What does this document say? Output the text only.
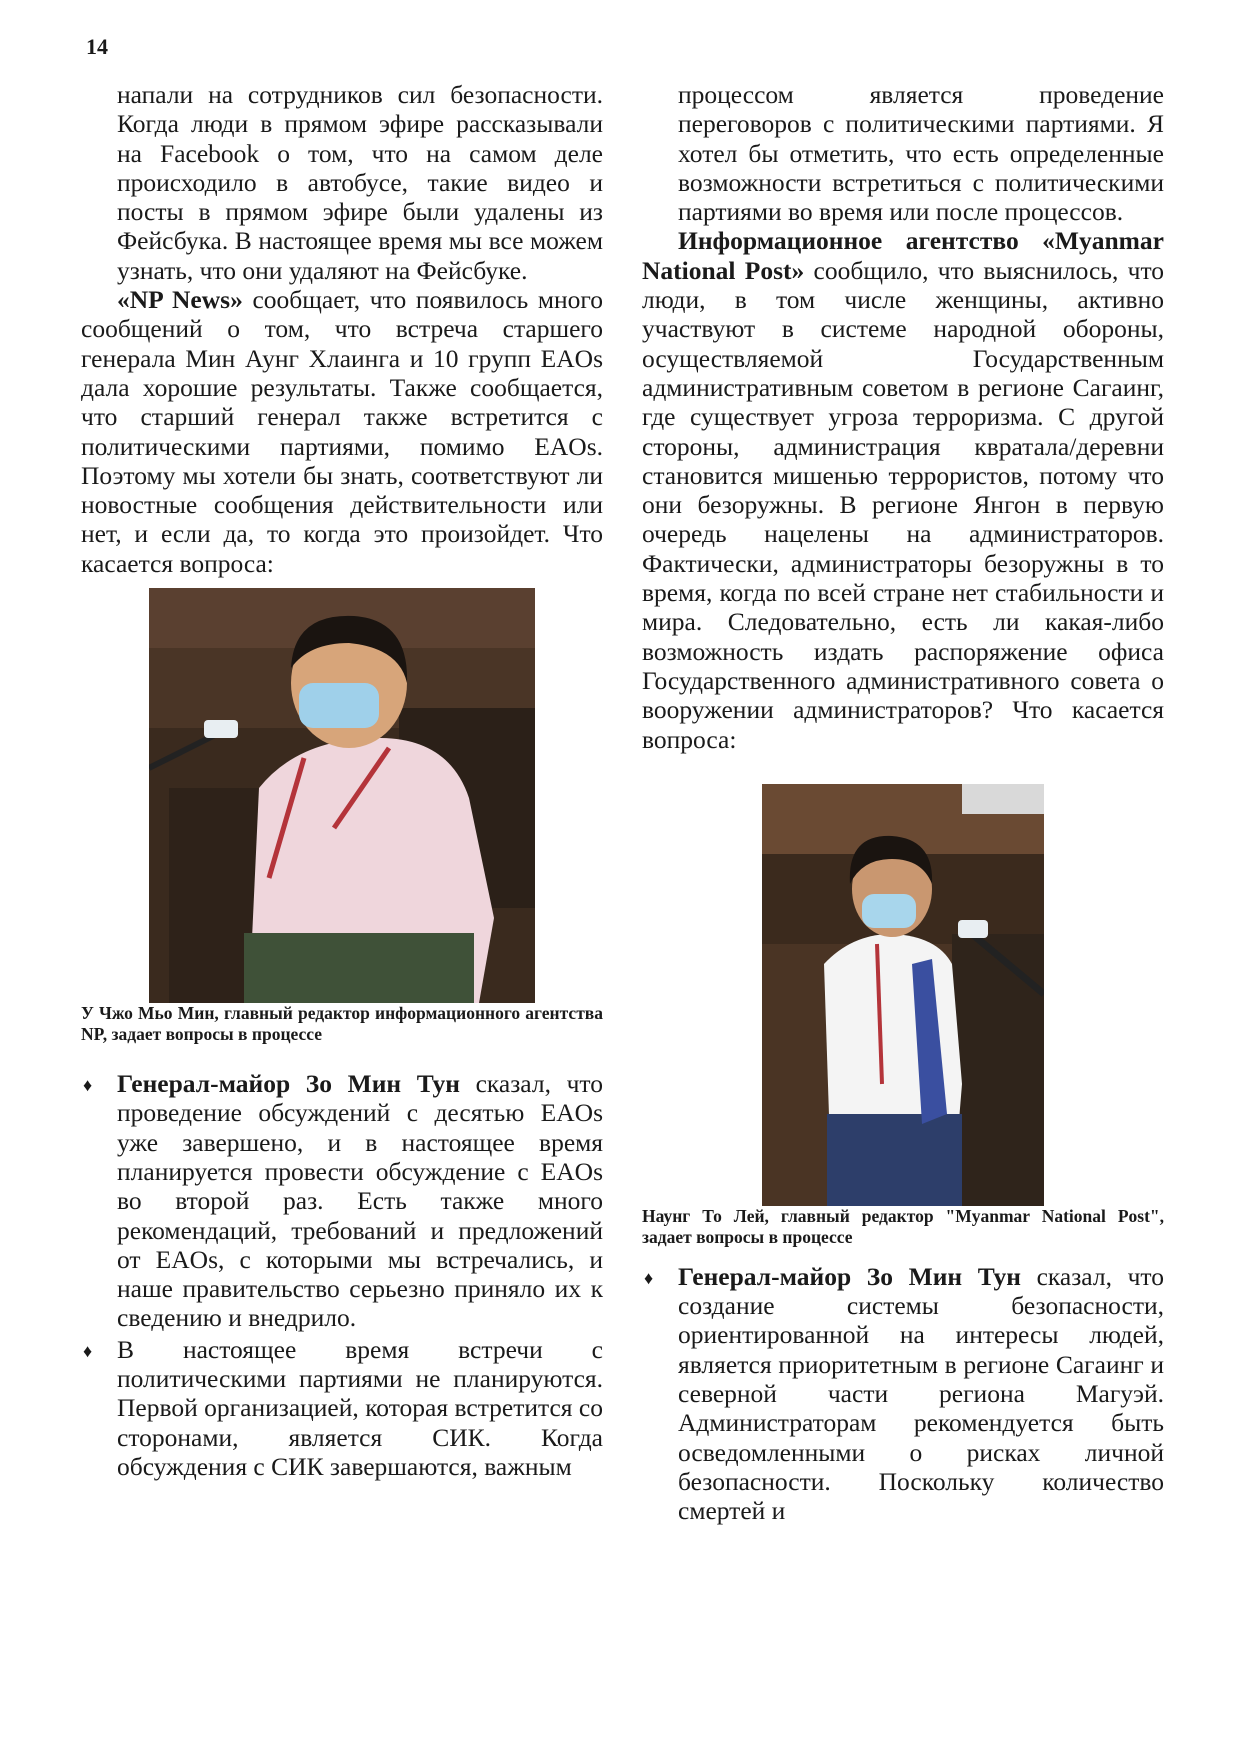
14

напали на сотрудников сил безопасности. Когда люди в прямом эфире рассказывали на Facebook о том, что на самом деле происходило в автобусе, такие видео и посты в прямом эфире были удалены из Фейсбука. В настоящее время мы все можем узнать, что они удаляют на Фейсбуке.

«NP News» сообщает, что появилось много сообщений о том, что встреча старшего генерала Мин Аунг Хлаинга и 10 групп EAOs дала хорошие результаты. Также сообщается, что старший генерал также встретится с политическими партиями, помимо EAOs. Поэтому мы хотели бы знать, соответствуют ли новостные сообщения действительности или нет, и если да, то когда это произойдет. Что касается вопроса:

У Чжо Мьо Мин, главный редактор информационного агентства NP, задает вопросы в процессе

♦ Генерал-майор Зо Мин Тун сказал, что проведение обсуждений с десятью EAOs уже завершено, и в настоящее время планируется провести обсуждение с EAOs во второй раз. Есть также много рекомендаций, требований и предложений от EAOs, с которыми мы встречались, и наше правительство серьезно приняло их к сведению и внедрило.

♦ В настоящее время встречи с политическими партиями не планируются. Первой организацией, которая встретится со сторонами, является СИК. Когда обсуждения с СИК завершаются, важным

процессом является проведение переговоров с политическими партиями. Я хотел бы отметить, что есть определенные возможности встретиться с политическими партиями во время или после процессов.

Информационное агентство «Myanmar National Post» сообщило, что выяснилось, что люди, в том числе женщины, активно участвуют в системе народной обороны, осуществляемой Государственным административным советом в регионе Сагаинг, где существует угроза терроризма. С другой стороны, администрация квратала/деревни становится мишенью террористов, потому что они безоружны. В регионе Янгон в первую очередь нацелены на администраторов. Фактически, администраторы безоружны в то время, когда по всей стране нет стабильности и мира. Следовательно, есть ли какая-либо возможность издать распоряжение офиса Государственного административного совета о вооружении администраторов? Что касается вопроса:

Наунг То Лей, главный редактор "Myanmar National Post", задает вопросы в процессе

♦ Генерал-майор Зо Мин Тун сказал, что создание системы безопасности, ориентированной на интересы людей, является приоритетным в регионе Сагаинг и северной части региона Магуэй. Администраторам рекомендуется быть осведомленными о рисках личной безопасности. Поскольку количество смертей и
